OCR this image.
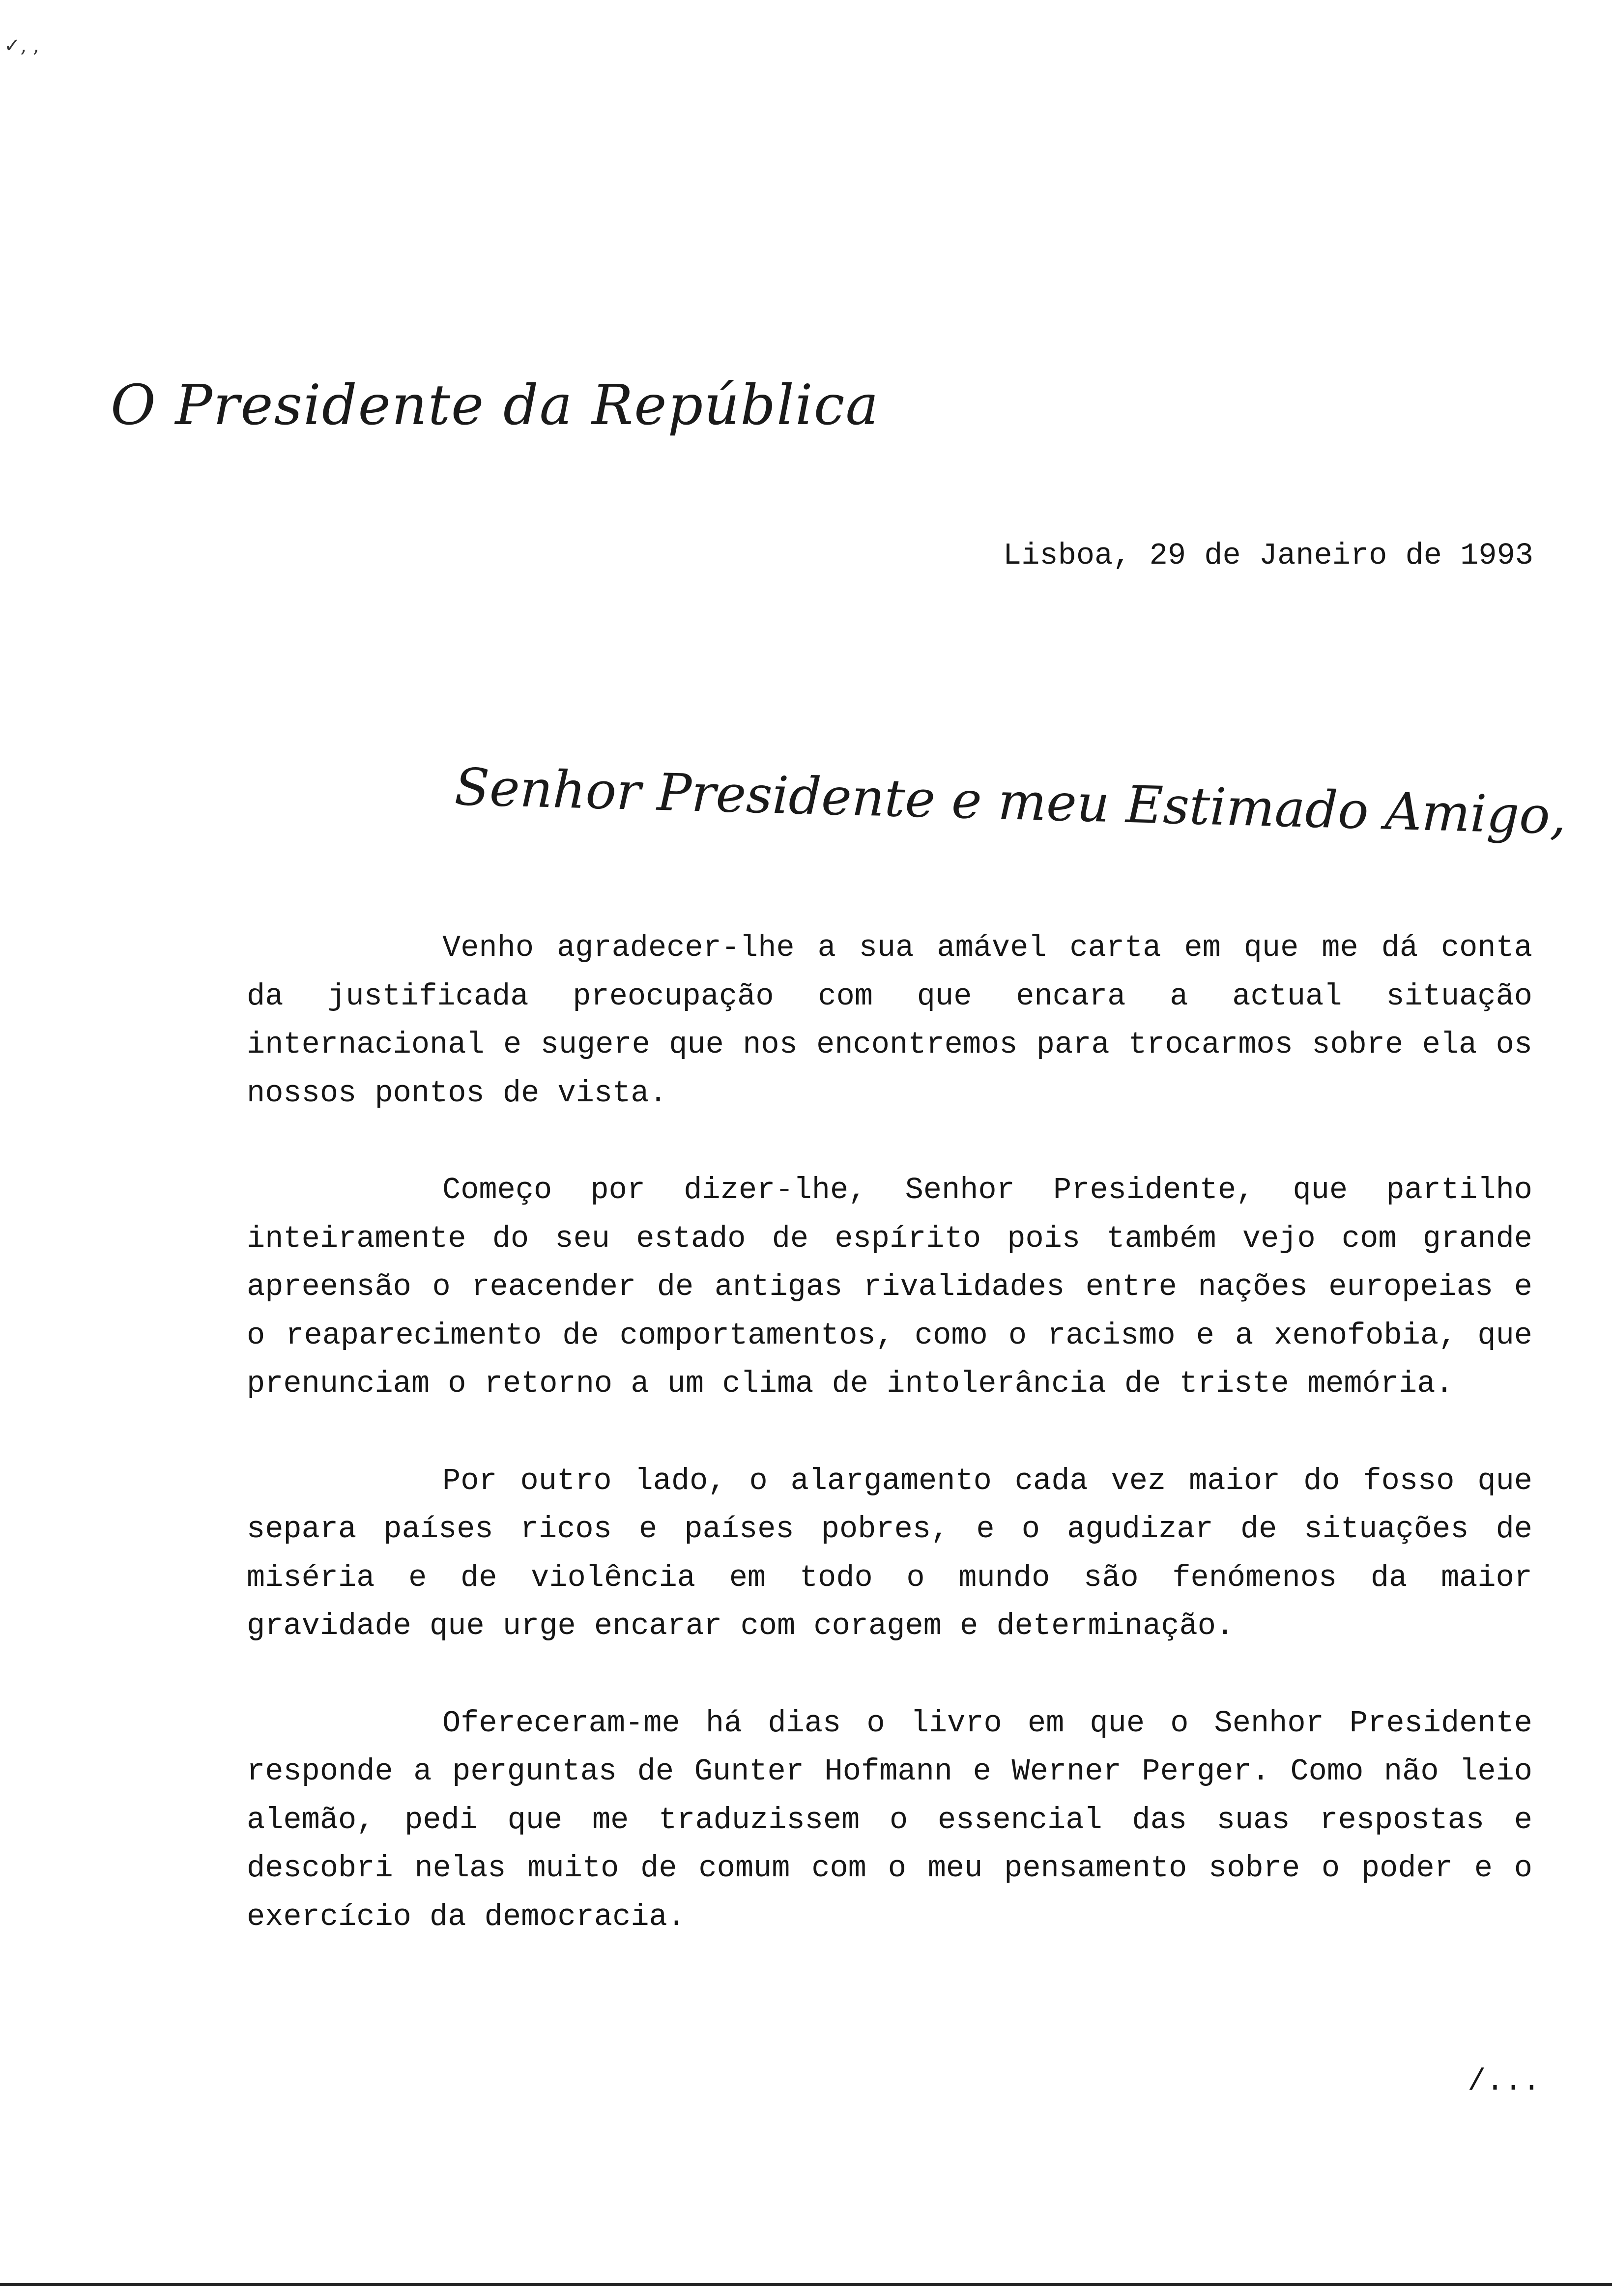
✓, ,
O Presidente da República
Lisboa, 29 de Janeiro de 1993
Senhor Presidente e meu Estimado Amigo,

Venho agradecer-lhe a sua amável carta em que me dá conta da justificada preocupação com que encara a actual situação internacional e sugere que nos encontremos para trocarmos sobre ela os nossos pontos de vista.

Começo por dizer-lhe, Senhor Presidente, que partilho inteiramente do seu estado de espírito pois também vejo com grande apreensão o reacender de antigas rivalidades entre nações europeias e o reaparecimento de comportamentos, como o racismo e a xenofobia, que prenunciam o retorno a um clima de intolerância de triste memória.

Por outro lado, o alargamento cada vez maior do fosso que separa países ricos e países pobres, e o agudizar de situações de miséria e de violência em todo o mundo são fenómenos da maior gravidade que urge encarar com coragem e determinação.

Ofereceram-me há dias o livro em que o Senhor Presidente responde a perguntas de Gunter Hofmann e Werner Perger. Como não leio alemão, pedi que me traduzissem o essencial das suas respostas e descobri nelas muito de comum com o meu pensamento sobre o poder e o exercício da democracia.

/...
